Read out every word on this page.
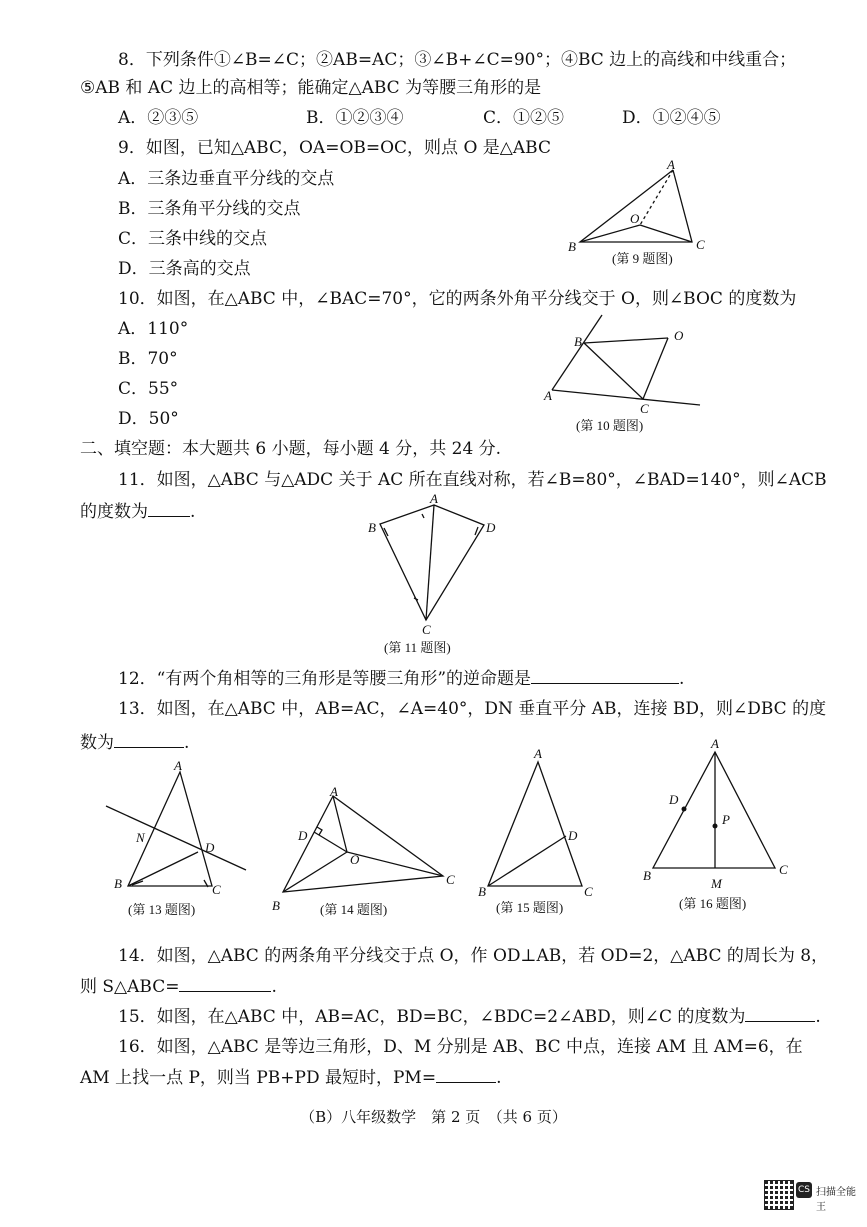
8．下列条件①∠B=∠C；②AB=AC；③∠B+∠C=90°；④BC 边上的高线和中线重合；
⑤AB 和 AC 边上的高相等；能确定△ABC 为等腰三角形的是
A．②③⑤	B．①②③④	C．①②⑤	D．①②④⑤
9．如图，已知△ABC，OA=OB=OC，则点 O 是△ABC
A．三条边垂直平分线的交点
B．三条角平分线的交点
C．三条中线的交点
D．三条高的交点
A
B	C
O
(第 9 题图)
10．如图，在△ABC 中，∠BAC=70°，它的两条外角平分线交于 O，则∠BOC 的度数为
A．110°
B．70°
C．55°
D．50°
A
B
C
O
(第 10 题图)
二、填空题：本大题共 6 小题，每小题 4 分，共 24 分.
11．如图，△ABC 与△ADC 关于 AC 所在直线对称，若∠B=80°，∠BAD=140°，则∠ACB
的度数为 .
A
B
C
D
(第 11 题图)
12．“有两个角相等的三角形是等腰三角形”的逆命题是	.
13．如图，在△ABC 中，AB=AC，∠A=40°，DN 垂直平分 AB，连接 BD，则∠DBC 的度
数为	.
A
B	C
D
N
(第 13 题图)
A
B
C
D
O
(第 14 题图)
A
B	C
D
(第 15 题图)
A
B	C
D
M
P
(第 16 题图)
14．如图，△ABC 的两条角平分线交于点 O，作 OD⊥AB，若 OD=2，△ABC 的周长为 8，
则 S△ABC=	.
15．如图，在△ABC 中，AB=AC，BD=BC，∠BDC=2∠ABD，则∠C 的度数为	.
16．如图，△ABC 是等边三角形，D、M 分别是 AB、BC 中点，连接 AM 且 AM=6，在
AM 上找一点 P，则当 PB+PD 最短时，PM=	.
（B）八年级数学　第 2 页　（共 6 页）
CS 扫描全能王
